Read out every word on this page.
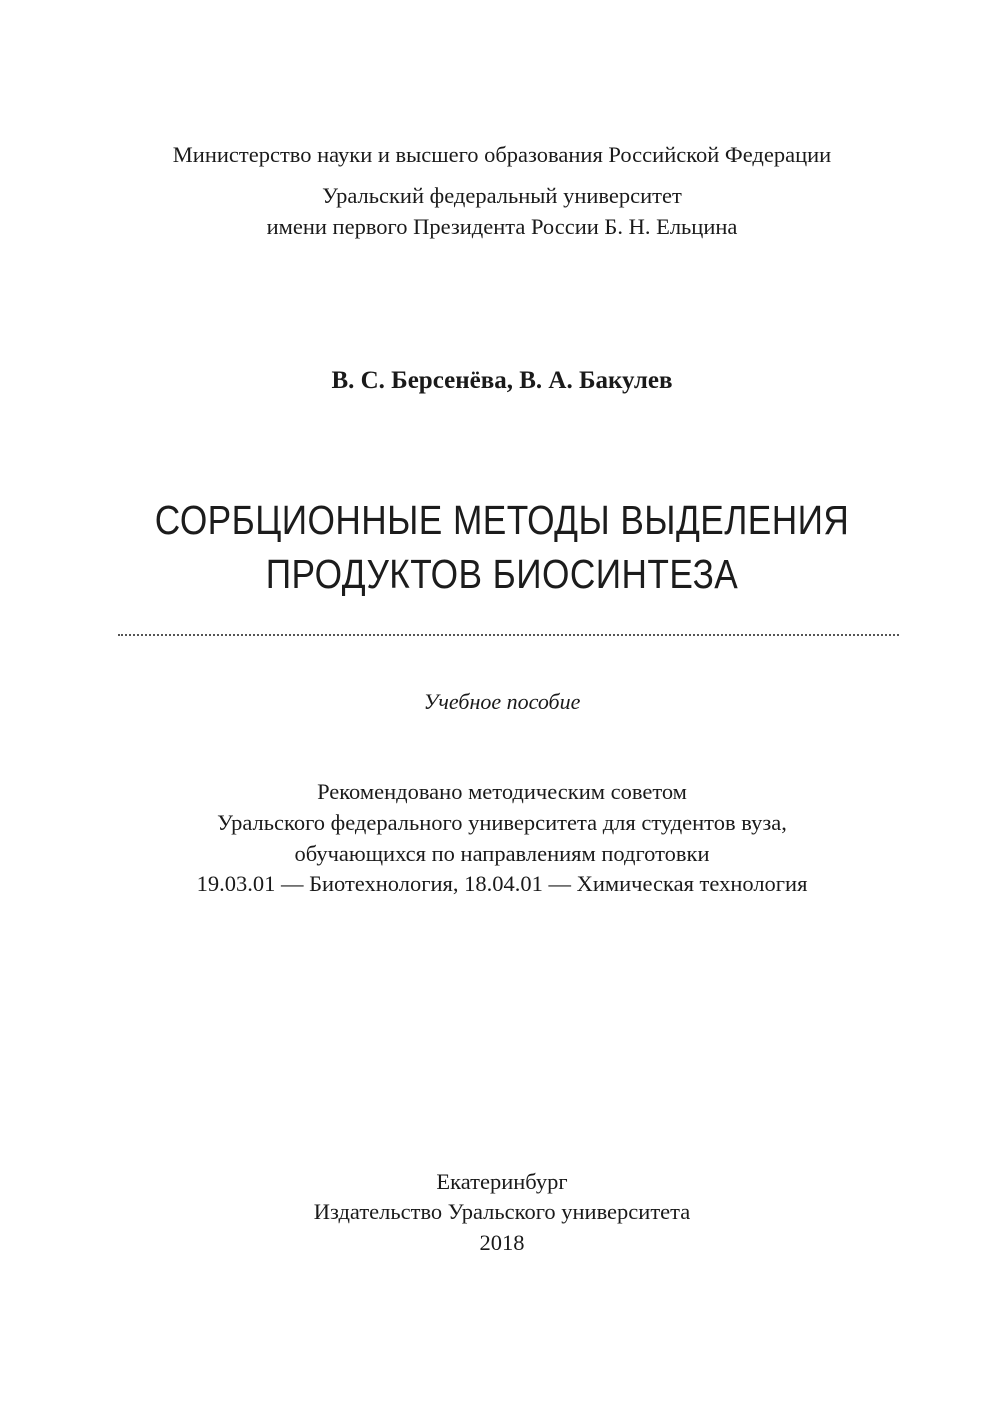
Министерство науки и высшего образования Российской Федерации
Уральский федеральный университет
имени первого Президента России Б. Н. Ельцина
В. С. Берсенёва, В. А. Бакулев
СОРБЦИОННЫЕ МЕТОДЫ ВЫДЕЛЕНИЯ
ПРОДУКТОВ БИОСИНТЕЗА
Учебное пособие
Рекомендовано методическим советом
Уральского федерального университета для студентов вуза,
обучающихся по направлениям подготовки
19.03.01 — Биотехнология, 18.04.01 — Химическая технология
Екатеринбург
Издательство Уральского университета
2018
